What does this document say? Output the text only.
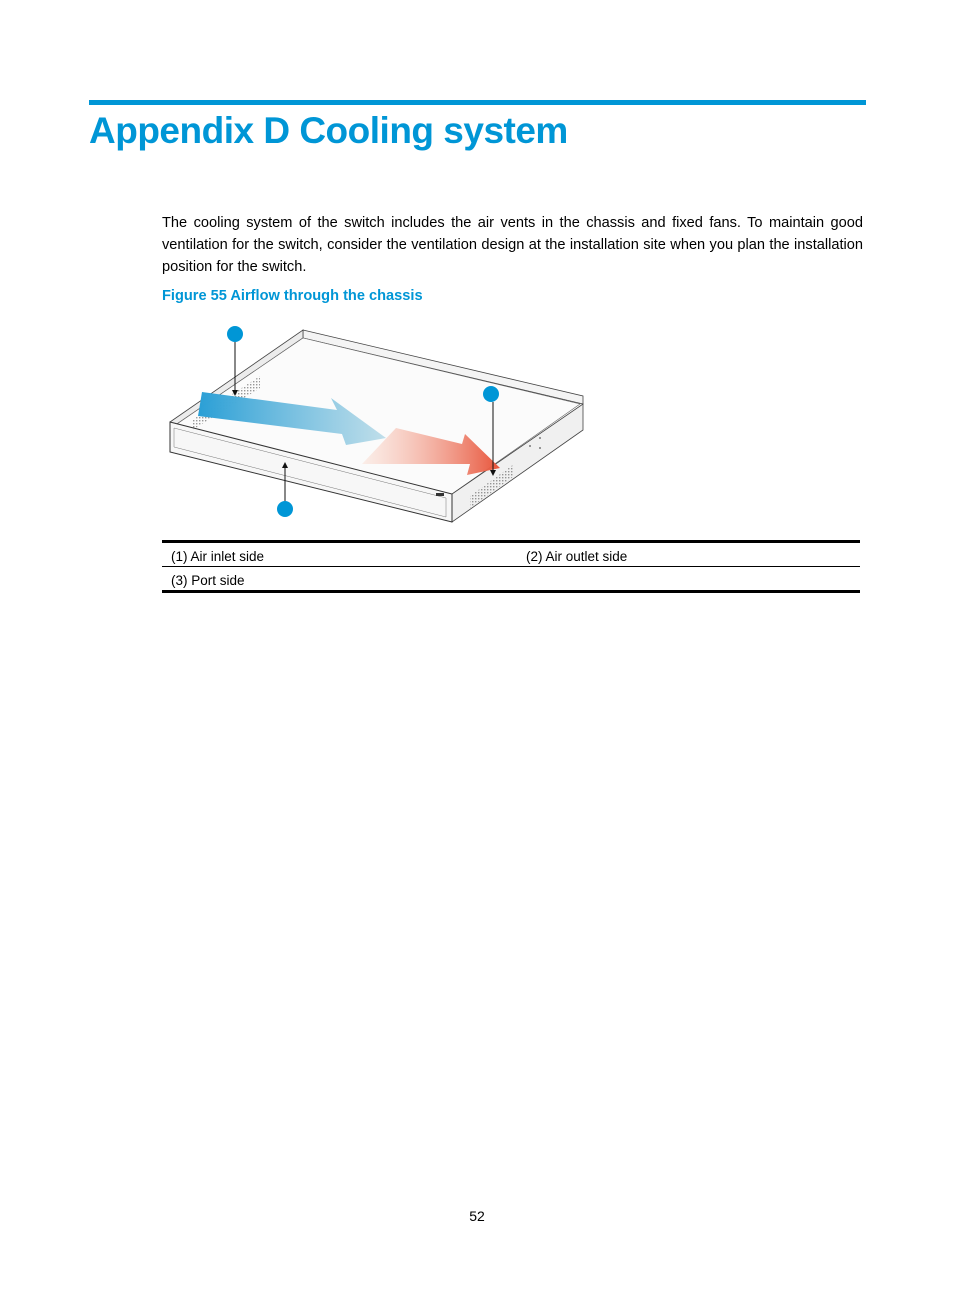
Appendix D Cooling system

The cooling system of the switch includes the air vents in the chassis and fixed fans. To maintain good ventilation for the switch, consider the ventilation design at the installation site when you plan the installation position for the switch.

Figure 55 Airflow through the chassis

(1) Air inlet side	(2) Air outlet side
(3) Port side	
52
